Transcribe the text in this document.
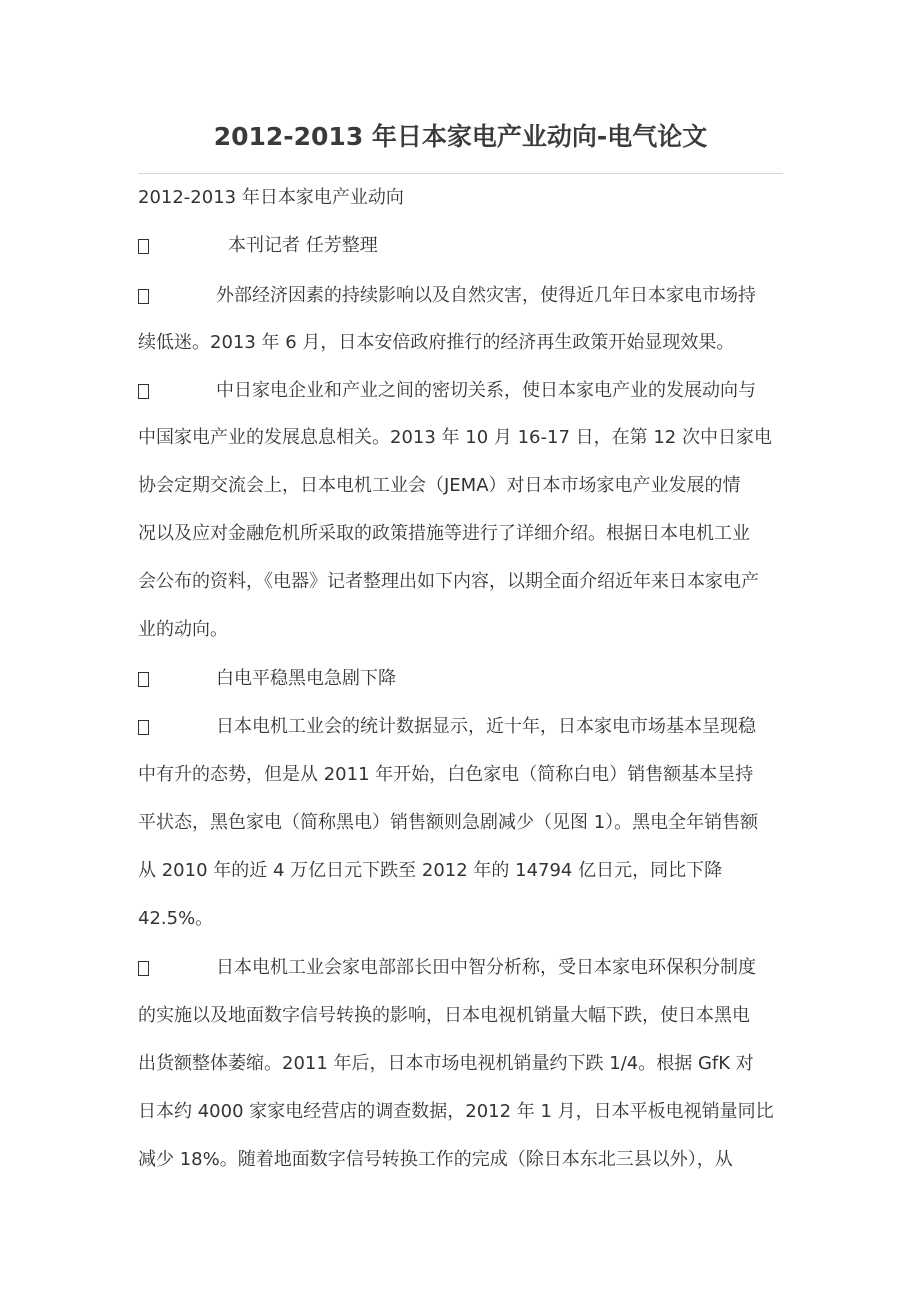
2012-2013 年日本家电产业动向-电气论文
2012-2013 年日本家电产业动向
本刊记者 任芳整理
外部经济因素的持续影响以及自然灾害，使得近几年日本家电市场持
续低迷。2013 年 6 月，日本安倍政府推行的经济再生政策开始显现效果。
中日家电企业和产业之间的密切关系，使日本家电产业的发展动向与
中国家电产业的发展息息相关。2013 年 10 月 16-17 日，在第 12 次中日家电
协会定期交流会上，日本电机工业会（JEMA）对日本市场家电产业发展的情
况以及应对金融危机所采取的政策措施等进行了详细介绍。根据日本电机工业
会公布的资料，《电器》记者整理出如下内容，以期全面介绍近年来日本家电产
业的动向。
白电平稳黑电急剧下降
日本电机工业会的统计数据显示，近十年，日本家电市场基本呈现稳
中有升的态势，但是从 2011 年开始，白色家电（简称白电）销售额基本呈持
平状态，黑色家电（简称黑电）销售额则急剧减少（见图 1）。黑电全年销售额
从 2010 年的近 4 万亿日元下跌至 2012 年的 14794 亿日元，同比下降
42.5%。
日本电机工业会家电部部长田中智分析称，受日本家电环保积分制度
的实施以及地面数字信号转换的影响，日本电视机销量大幅下跌，使日本黑电
出货额整体萎缩。2011 年后，日本市场电视机销量约下跌 1/4。根据 GfK 对
日本约 4000 家家电经营店的调查数据，2012 年 1 月，日本平板电视销量同比
减少 18%。随着地面数字信号转换工作的完成（除日本东北三县以外），从
